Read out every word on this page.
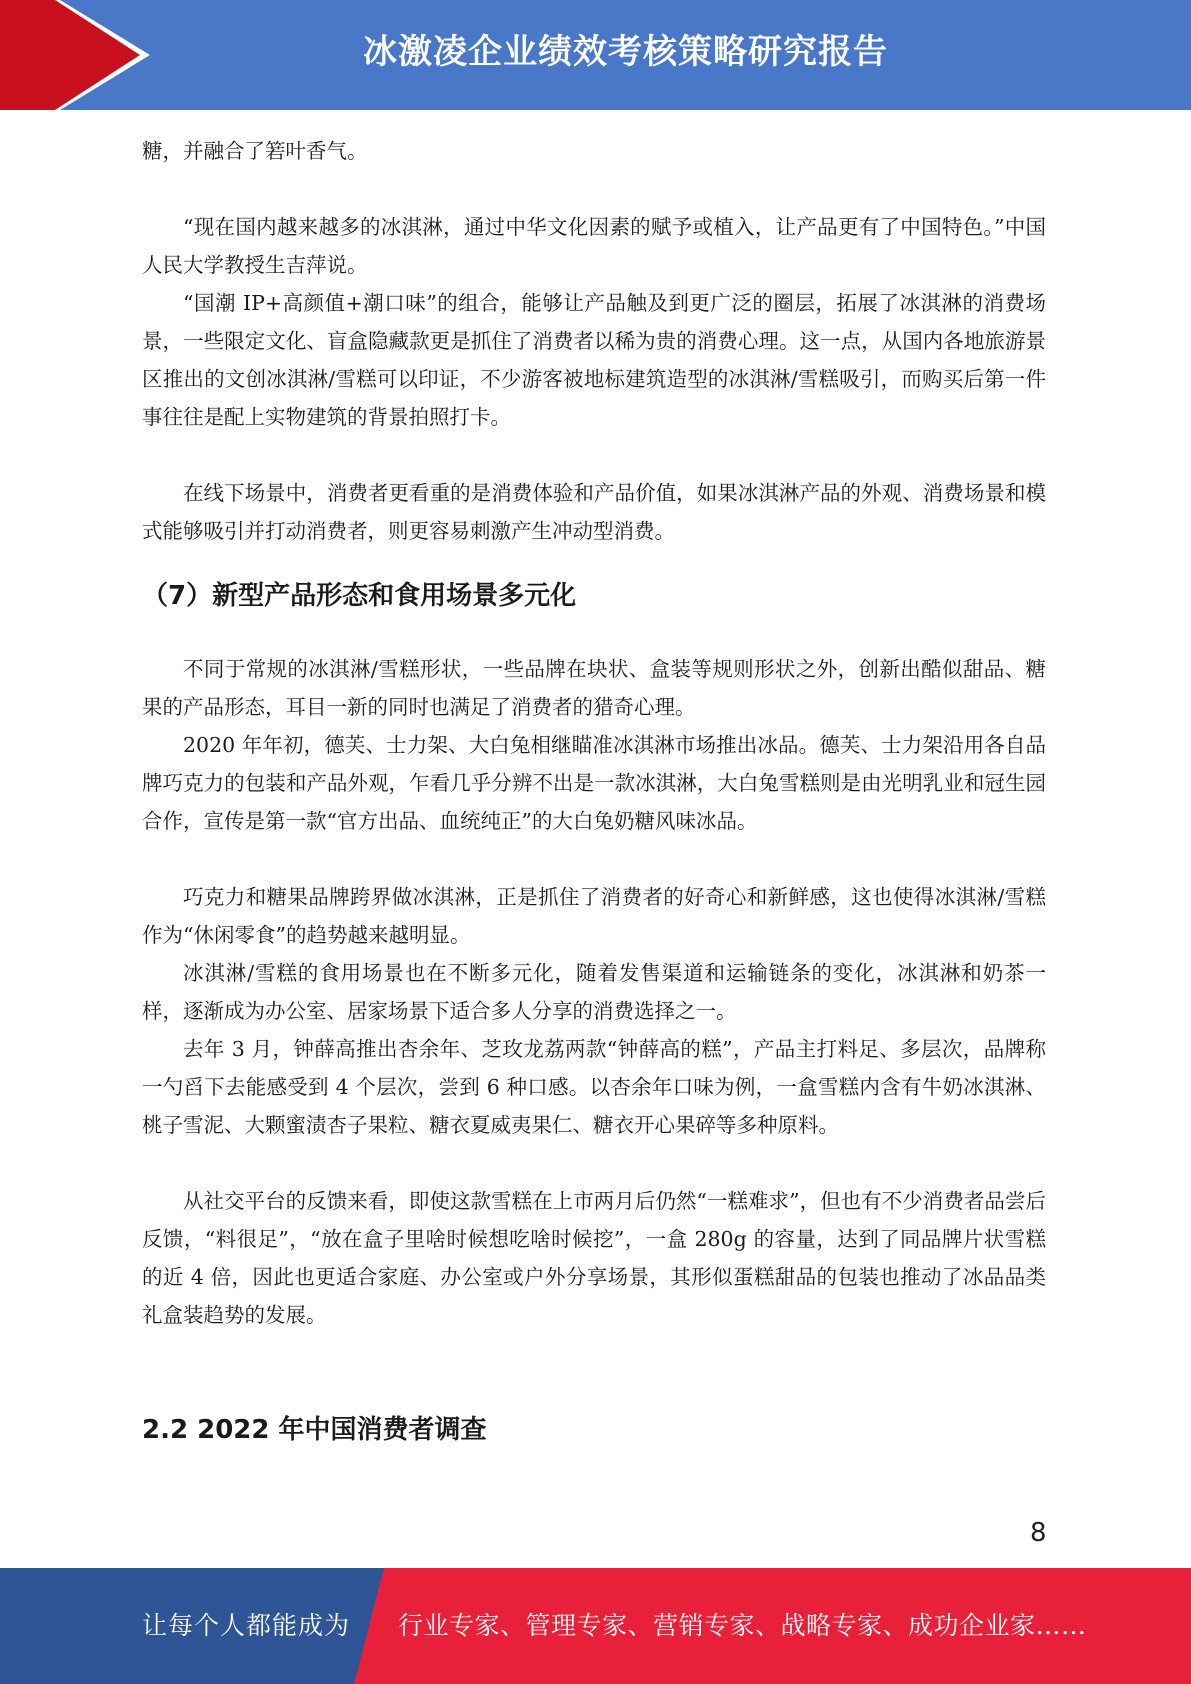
冰激凌企业绩效考核策略研究报告

糖，并融合了箬叶香气。

“现在国内越来越多的冰淇淋，通过中华文化因素的赋予或植入，让产品更有了中国特色。”中国人民大学教授生吉萍说。

“国潮 IP+高颜值+潮口味”的组合，能够让产品触及到更广泛的圈层，拓展了冰淇淋的消费场景，一些限定文化、盲盒隐藏款更是抓住了消费者以稀为贵的消费心理。这一点，从国内各地旅游景区推出的文创冰淇淋/雪糕可以印证，不少游客被地标建筑造型的冰淇淋/雪糕吸引，而购买后第一件事往往是配上实物建筑的背景拍照打卡。

在线下场景中，消费者更看重的是消费体验和产品价值，如果冰淇淋产品的外观、消费场景和模式能够吸引并打动消费者，则更容易刺激产生冲动型消费。

（7）新型产品形态和食用场景多元化

不同于常规的冰淇淋/雪糕形状，一些品牌在块状、盒装等规则形状之外，创新出酷似甜品、糖果的产品形态，耳目一新的同时也满足了消费者的猎奇心理。

2020 年年初，德芙、士力架、大白兔相继瞄准冰淇淋市场推出冰品。德芙、士力架沿用各自品牌巧克力的包装和产品外观，乍看几乎分辨不出是一款冰淇淋，大白兔雪糕则是由光明乳业和冠生园合作，宣传是第一款“官方出品、血统纯正”的大白兔奶糖风味冰品。

巧克力和糖果品牌跨界做冰淇淋，正是抓住了消费者的好奇心和新鲜感，这也使得冰淇淋/雪糕作为“休闲零食”的趋势越来越明显。

冰淇淋/雪糕的食用场景也在不断多元化，随着发售渠道和运输链条的变化，冰淇淋和奶茶一样，逐渐成为办公室、居家场景下适合多人分享的消费选择之一。

去年 3 月，钟薛高推出杏余年、芝玫龙荔两款“钟薛高的糕”，产品主打料足、多层次，品牌称一勺舀下去能感受到 4 个层次，尝到 6 种口感。以杏余年口味为例，一盒雪糕内含有牛奶冰淇淋、桃子雪泥、大颗蜜渍杏子果粒、糖衣夏威夷果仁、糖衣开心果碎等多种原料。

从社交平台的反馈来看，即使这款雪糕在上市两月后仍然“一糕难求”，但也有不少消费者品尝后反馈，“料很足”，“放在盒子里啥时候想吃啥时候挖”，一盒 280g 的容量，达到了同品牌片状雪糕的近 4 倍，因此也更适合家庭、办公室或户外分享场景，其形似蛋糕甜品的包装也推动了冰品品类礼盒装趋势的发展。

2.2 2022 年中国消费者调查
8
让每个人都能成为 行业专家、管理专家、营销专家、战略专家、成功企业家……
